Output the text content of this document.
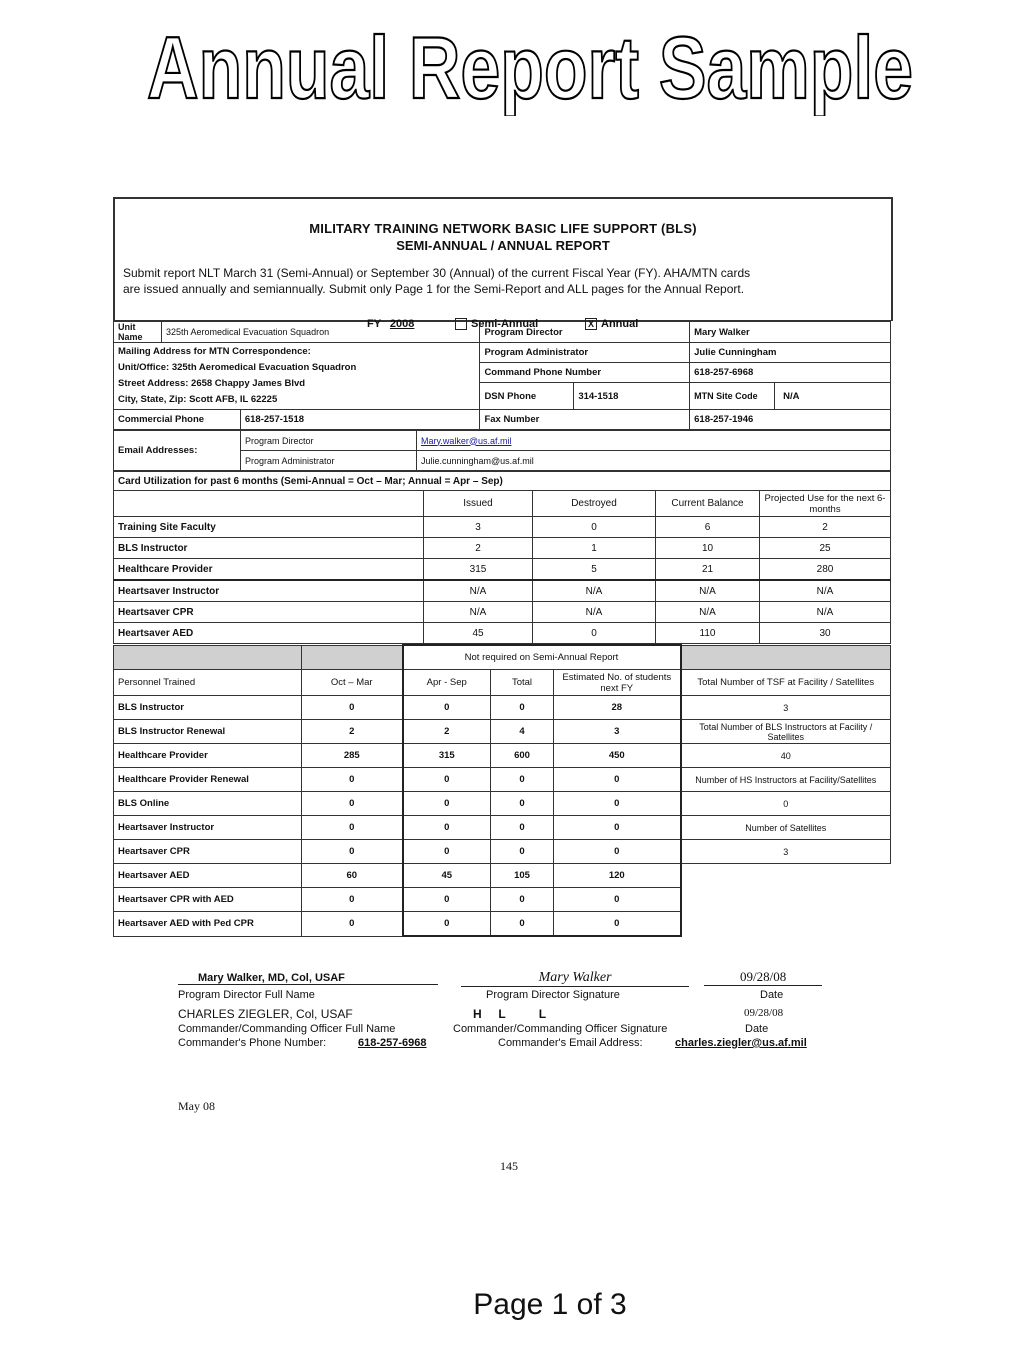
Annual Report Sample
MILITARY TRAINING NETWORK BASIC LIFE SUPPORT (BLS)
SEMI-ANNUAL / ANNUAL REPORT
Submit report NLT March 31 (Semi-Annual) or September 30 (Annual) of the current Fiscal Year (FY). AHA/MTN cards
are issued annually and semiannually. Submit only Page 1 for the Semi-Report and ALL pages for the Annual Report.
FY 2008	Semi-Annual	X Annual
Unit Name	325th Aeromedical Evacuation Squadron		Program Director		Mary Walker

Mailing Address for MTN Correspondence:
Unit/Office: 325th Aeromedical Evacuation Squadron
Street Address: 2658 Chappy James Blvd
City, State, Zip: Scott AFB, IL 62225			Program Administrator		Julie Cunningham
			Command Phone Number		618-257-6968
			DSN Phone	314-1518	MTN Site Code N/A

Commercial Phone		618-257-1518	Fax Number		618-257-1946
Email Addresses:	Program Director	Mary.walker@us.af.mil
	Program Administrator	Julie.cunningham@us.af.mil
Card Utilization for past 6 months (Semi-Annual = Oct – Mar; Annual = Apr – Sep)				
	Issued	Destroyed	Current Balance	Projected Use for the next 6-months
Training Site Faculty	3	0	6	2
BLS Instructor	2	1	10	25
Healthcare Provider	315	5	21	280
Heartsaver Instructor	N/A	N/A	N/A	N/A
Heartsaver CPR	N/A	N/A	N/A	N/A
Heartsaver AED	45	0	110	30
		Not required on Semi-Annual Report			
Personnel Trained	Oct – Mar	Apr - Sep	Total	Estimated No. of students next FY	Total Number of TSF at Facility / Satellites
BLS Instructor	0	0	0	28	3
BLS Instructor Renewal	2	2	4	3	Total Number of BLS Instructors at Facility / Satellites
Healthcare Provider	285	315	600	450	40
Healthcare Provider Renewal	0	0	0	0	Number of HS Instructors at Facility/Satellites
BLS Online	0	0	0	0	0
Heartsaver Instructor	0	0	0	0	Number of Satellites
Heartsaver CPR	0	0	0	0	3
Heartsaver AED	60	45	105	120	
Heartsaver CPR with AED	0	0	0	0	
Heartsaver AED with Ped CPR	0	0	0	0	
Mary Walker, MD, Col, USAF	Mary Walker	09/28/08
Program Director Full Name	Program Director Signature	Date
CHARLES ZIEGLER, Col, USAF	H     L          L	09/28/08
Commander/Commanding Officer Full Name	Commander/Commanding Officer Signature	Date
Commander's Phone Number:	618-257-6968	Commander's Email Address:	charles.ziegler@us.af.mil
May 08
145
Page 1 of 3
